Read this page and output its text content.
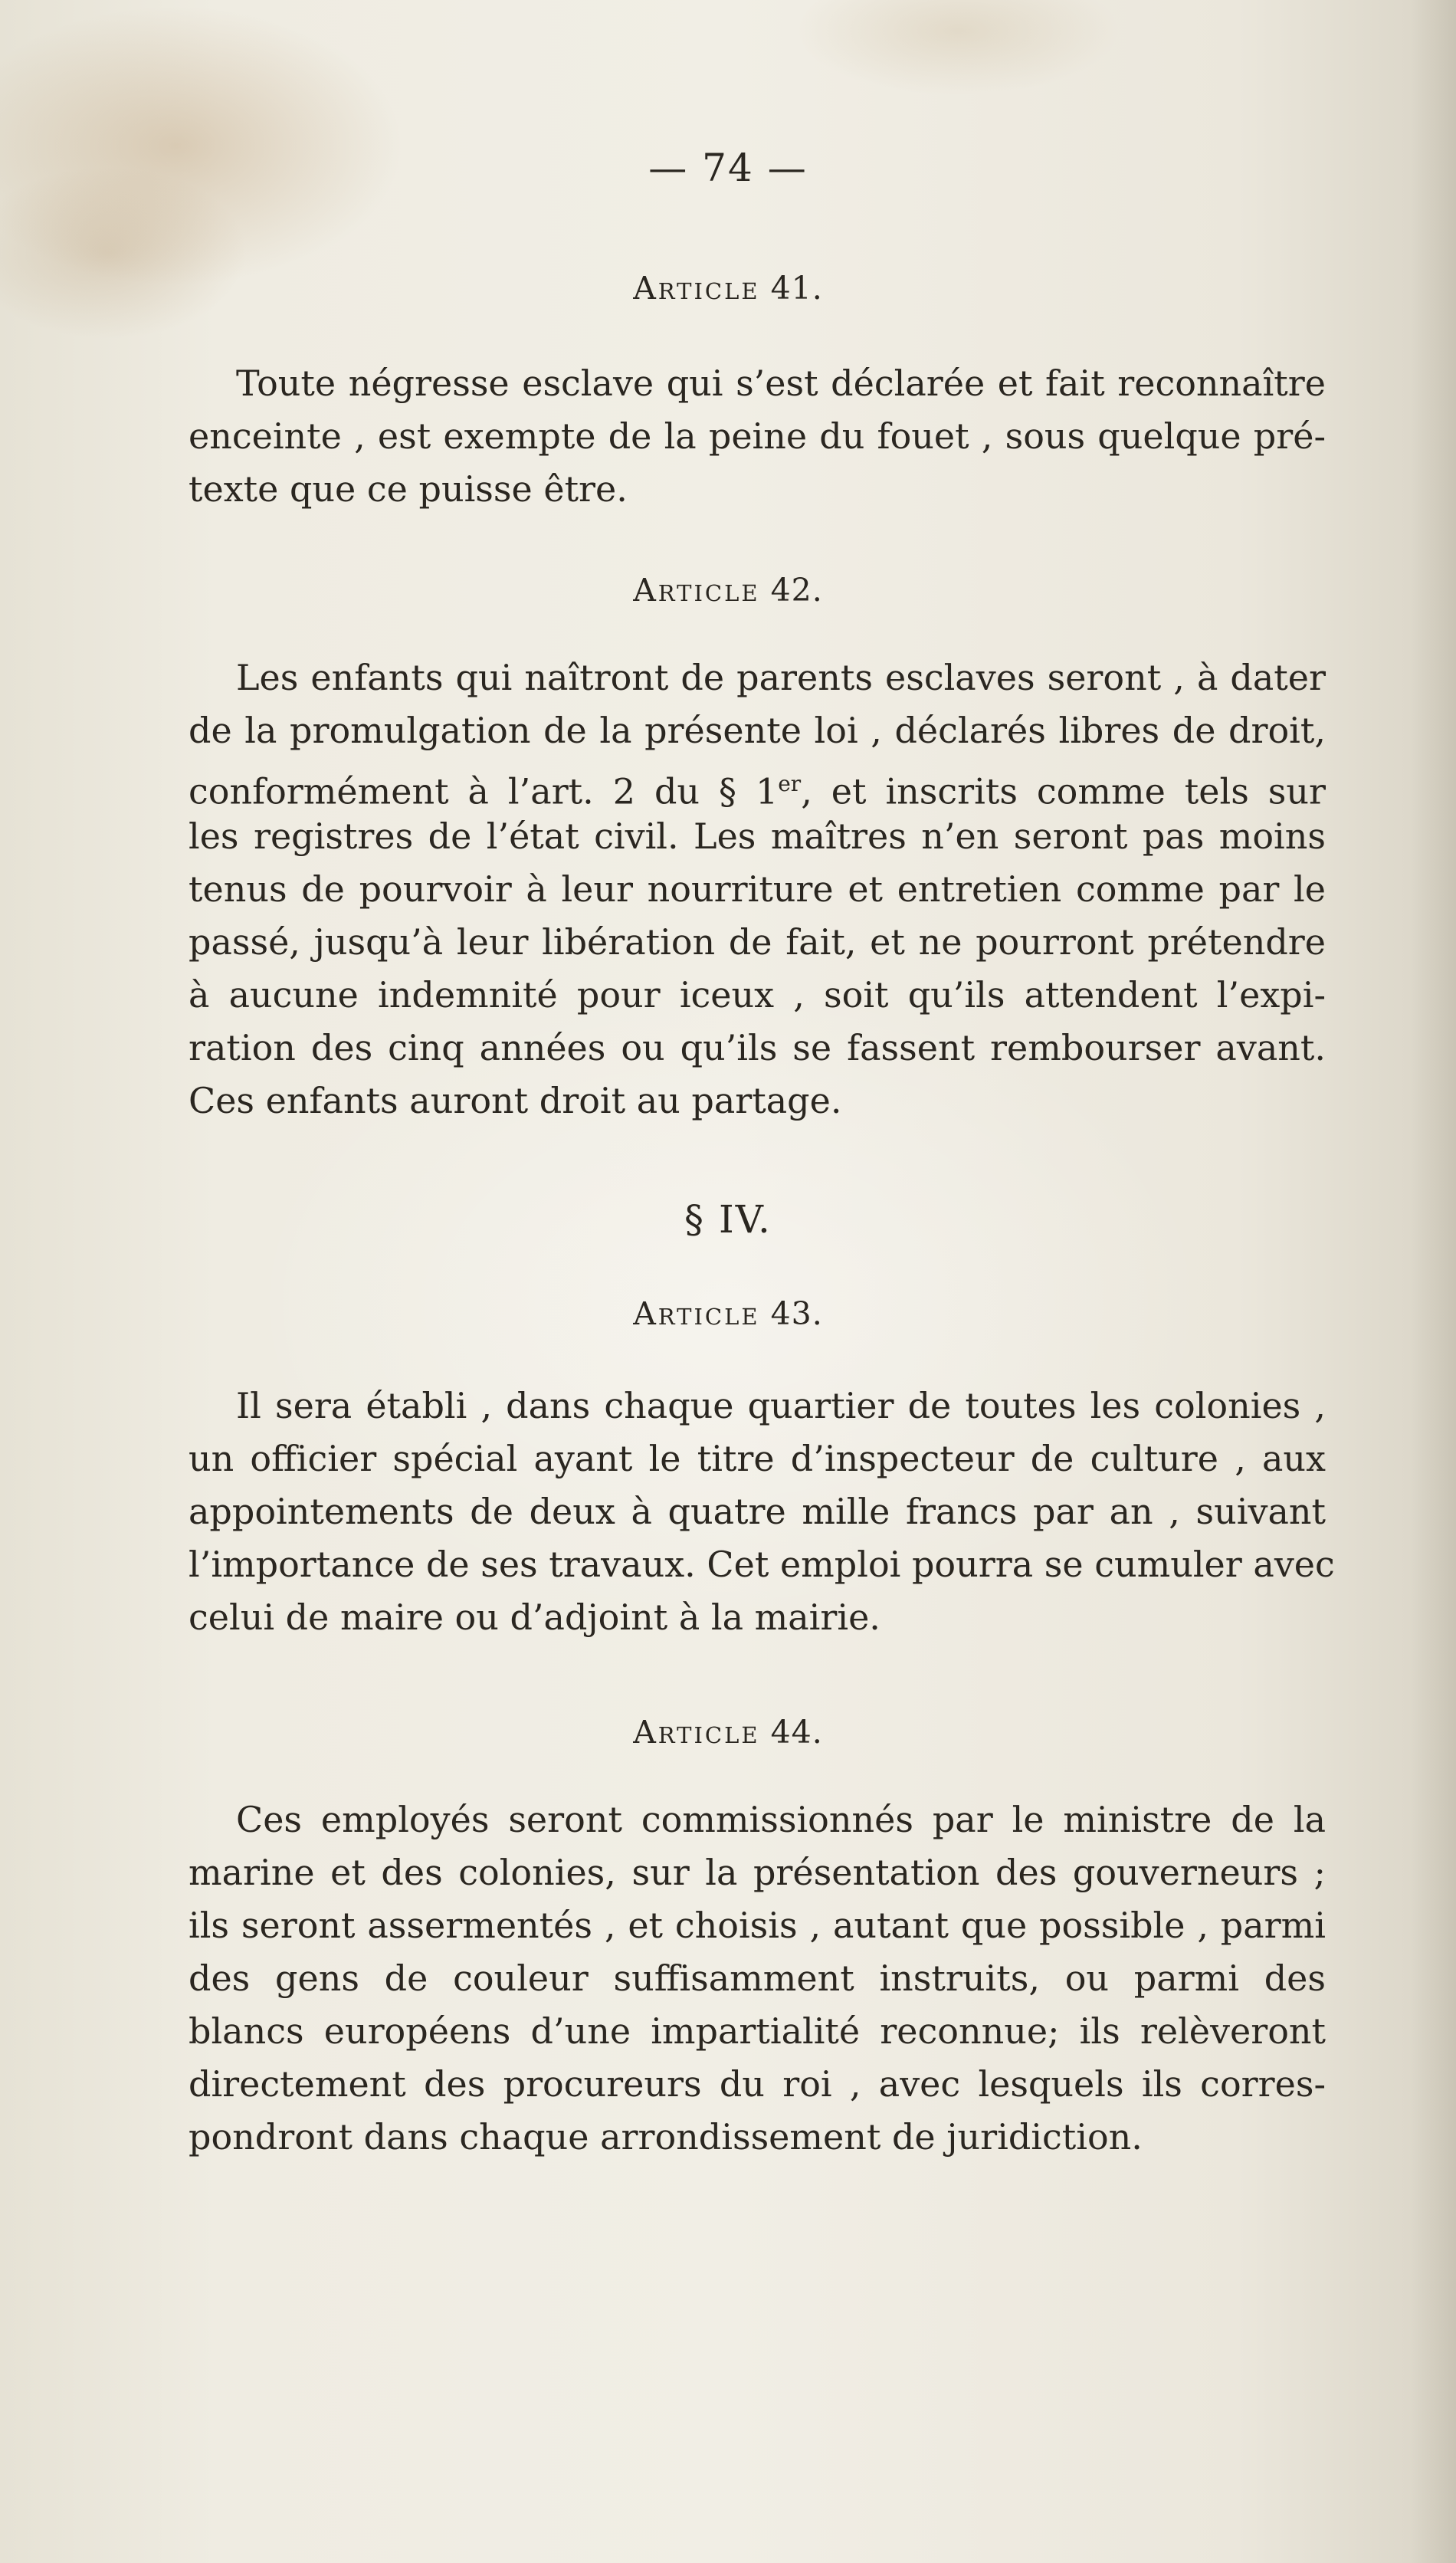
— 74 —
Article 41.
Toute négresse esclave qui s’est déclarée et fait reconnaître
enceinte , est exempte de la peine du fouet , sous quelque pré-
texte que ce puisse être.
Article 42.
Les enfants qui naîtront de parents esclaves seront , à dater
de la promulgation de la présente loi , déclarés libres de droit,
conformément à l’art. 2 du § 1er, et inscrits comme tels sur
les registres de l’état civil. Les maîtres n’en seront pas moins
tenus de pourvoir à leur nourriture et entretien comme par le
passé, jusqu’à leur libération de fait, et ne pourront prétendre
à aucune indemnité pour iceux , soit qu’ils attendent l’expi-
ration des cinq années ou qu’ils se fassent rembourser avant.
Ces enfants auront droit au partage.
§ IV.
Article 43.
Il sera établi , dans chaque quartier de toutes les colonies ,
un officier spécial ayant le titre d’inspecteur de culture , aux
appointements de deux à quatre mille francs par an , suivant
l’importance de ses travaux. Cet emploi pourra se cumuler avec
celui de maire ou d’adjoint à la mairie.
Article 44.
Ces employés seront commissionnés par le ministre de la
marine et des colonies, sur la présentation des gouverneurs ;
ils seront assermentés , et choisis , autant que possible , parmi
des gens de couleur suffisamment instruits, ou parmi des
blancs européens d’une impartialité reconnue; ils relèveront
directement des procureurs du roi , avec lesquels ils corres-
pondront dans chaque arrondissement de juridiction.
